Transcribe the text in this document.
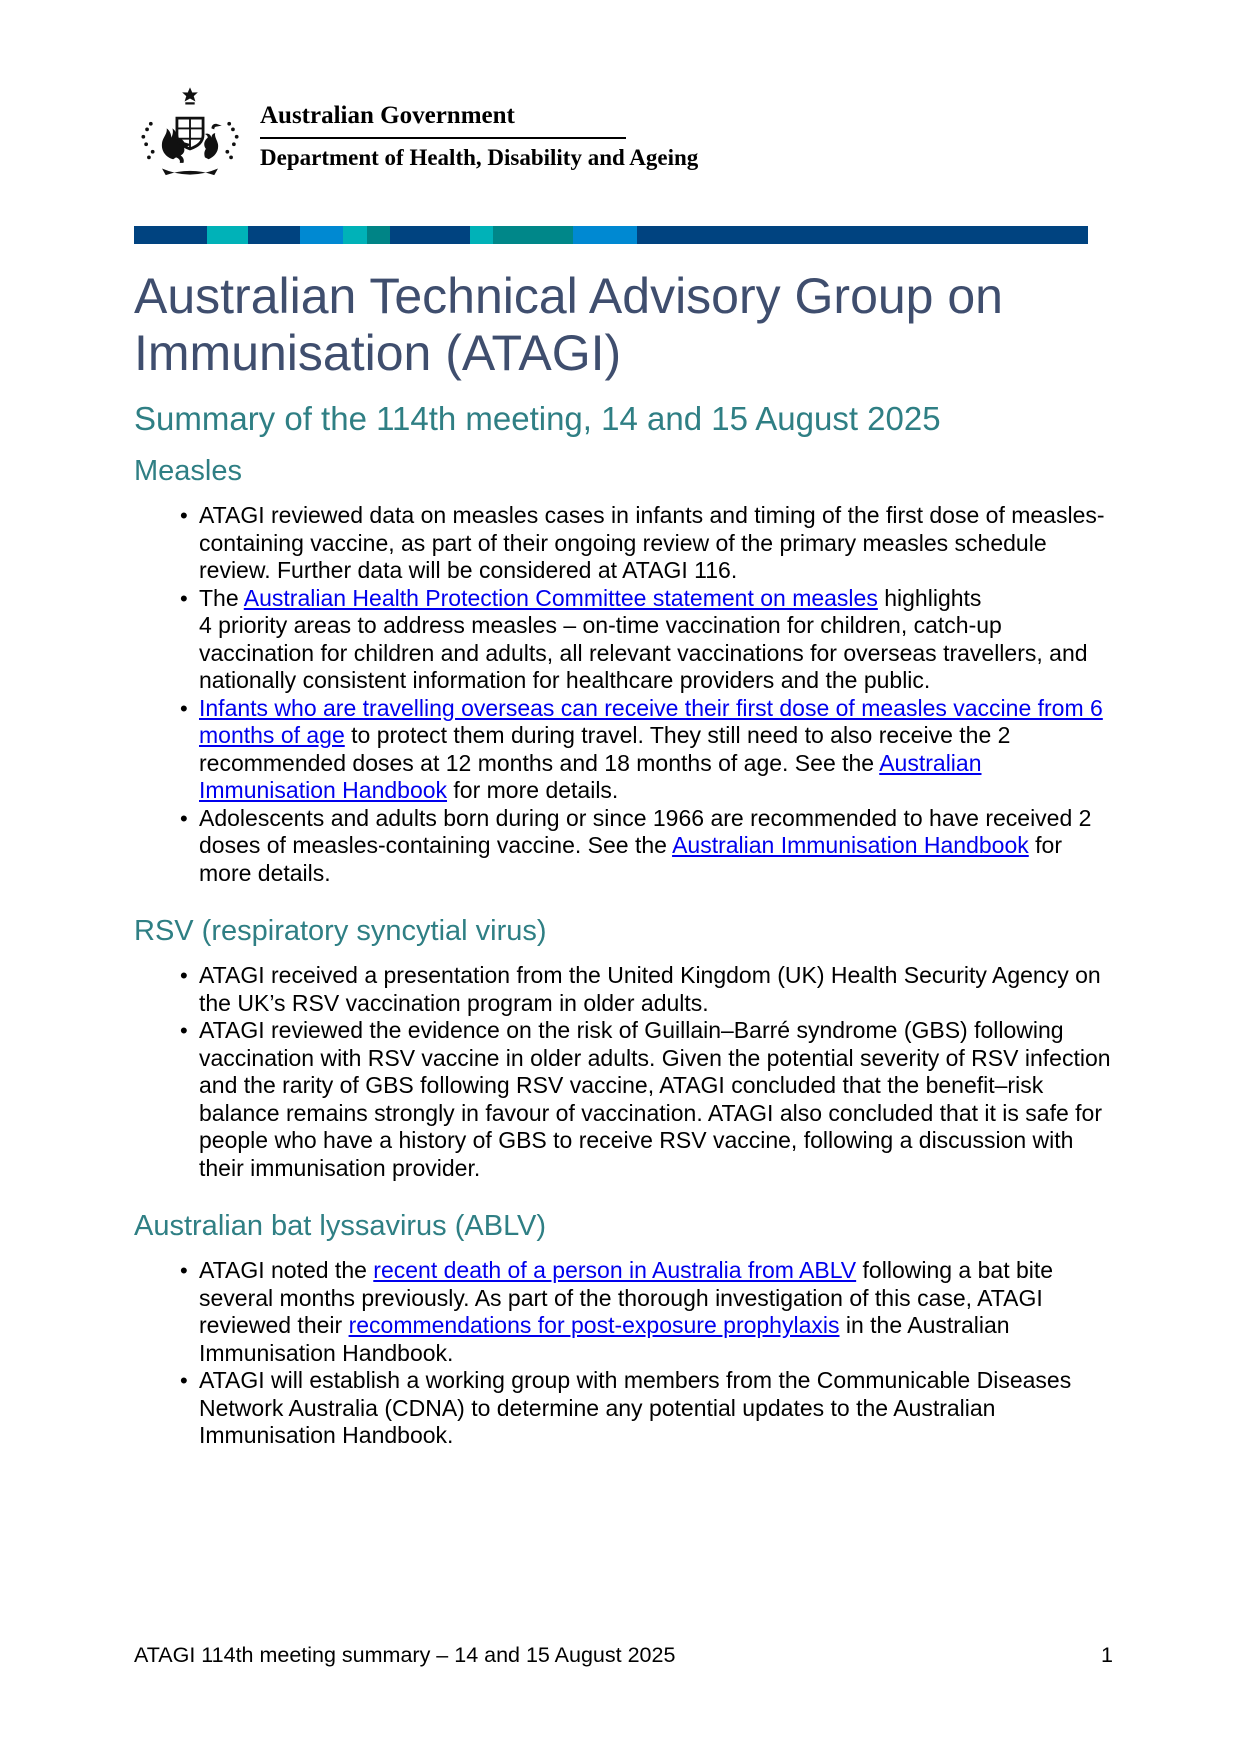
Australian Government
Department of Health, Disability and Ageing
Australian Technical Advisory Group on Immunisation (ATAGI)
Summary of the 114th meeting, 14 and 15 August 2025
Measles
• ATAGI reviewed data on measles cases in infants and timing of the first dose of measles-containing vaccine, as part of their ongoing review of the primary measles schedule review. Further data will be considered at ATAGI 116.
• The Australian Health Protection Committee statement on measles highlights 4 priority areas to address measles – on-time vaccination for children, catch-up vaccination for children and adults, all relevant vaccinations for overseas travellers, and nationally consistent information for healthcare providers and the public.
• Infants who are travelling overseas can receive their first dose of measles vaccine from 6 months of age to protect them during travel. They still need to also receive the 2 recommended doses at 12 months and 18 months of age. See the Australian Immunisation Handbook for more details.
• Adolescents and adults born during or since 1966 are recommended to have received 2 doses of measles-containing vaccine. See the Australian Immunisation Handbook for more details.
RSV (respiratory syncytial virus)
• ATAGI received a presentation from the United Kingdom (UK) Health Security Agency on the UK’s RSV vaccination program in older adults.
• ATAGI reviewed the evidence on the risk of Guillain–Barré syndrome (GBS) following vaccination with RSV vaccine in older adults. Given the potential severity of RSV infection and the rarity of GBS following RSV vaccine, ATAGI concluded that the benefit–risk balance remains strongly in favour of vaccination. ATAGI also concluded that it is safe for people who have a history of GBS to receive RSV vaccine, following a discussion with their immunisation provider.
Australian bat lyssavirus (ABLV)
• ATAGI noted the recent death of a person in Australia from ABLV following a bat bite several months previously. As part of the thorough investigation of this case, ATAGI reviewed their recommendations for post-exposure prophylaxis in the Australian Immunisation Handbook.
• ATAGI will establish a working group with members from the Communicable Diseases Network Australia (CDNA) to determine any potential updates to the Australian Immunisation Handbook.
ATAGI 114th meeting summary – 14 and 15 August 2025	1
